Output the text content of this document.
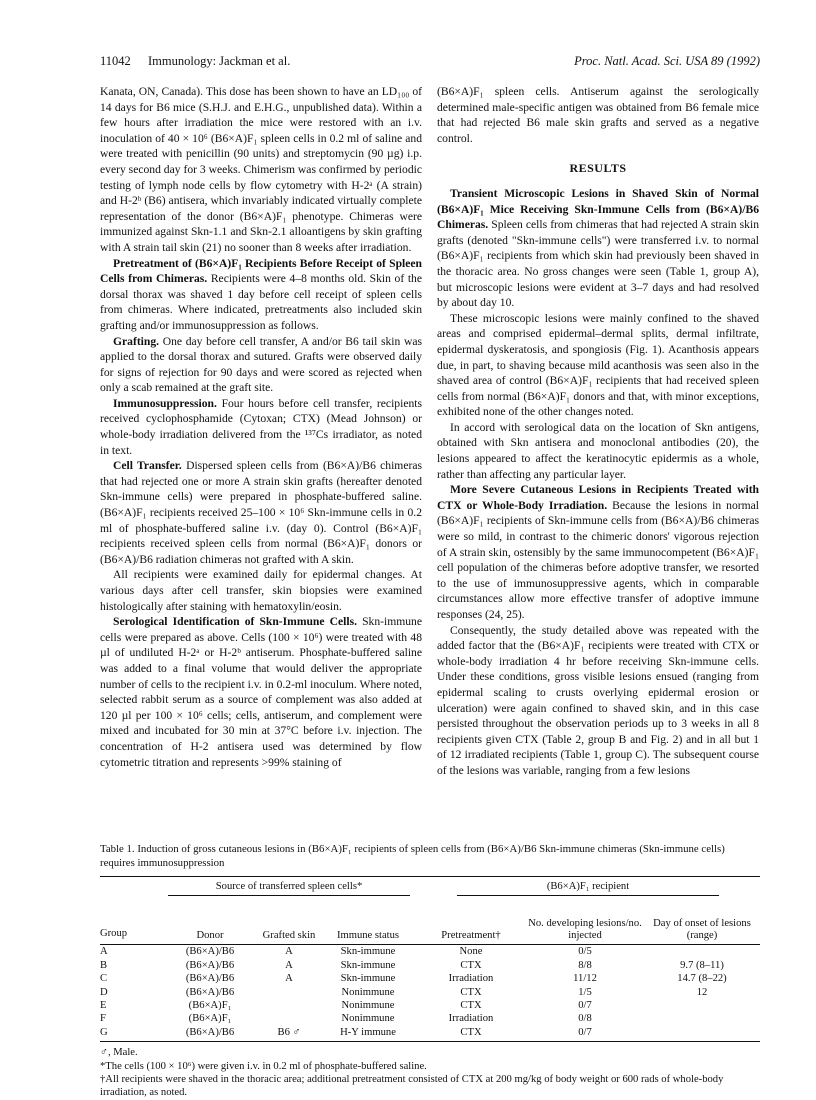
11042 Immunology: Jackman et al.	Proc. Natl. Acad. Sci. USA 89 (1992)

Kanata, ON, Canada). This dose has been shown to have an LD₁₀₀ of 14 days for B6 mice (S.H.J. and E.H.G., unpublished data). Within a few hours after irradiation the mice were restored with an i.v. inoculation of 40 × 10⁶ (B6×A)F₁ spleen cells in 0.2 ml of saline and were treated with penicillin (90 units) and streptomycin (90 µg) i.p. every second day for 3 weeks. Chimerism was confirmed by periodic testing of lymph node cells by flow cytometry with H-2ᵃ (A strain) and H-2ᵇ (B6) antisera, which invariably indicated virtually complete representation of the donor (B6×A)F₁ phenotype. Chimeras were immunized against Skn-1.1 and Skn-2.1 alloantigens by skin grafting with A strain tail skin (21) no sooner than 8 weeks after irradiation.

Pretreatment of (B6×A)F₁ Recipients Before Receipt of Spleen Cells from Chimeras. Recipients were 4–8 months old. Skin of the dorsal thorax was shaved 1 day before cell receipt of spleen cells from chimeras. Where indicated, pretreatments also included skin grafting and/or immunosuppression as follows.

Grafting. One day before cell transfer, A and/or B6 tail skin was applied to the dorsal thorax and sutured. Grafts were observed daily for signs of rejection for 90 days and were scored as rejected when only a scab remained at the graft site.

Immunosuppression. Four hours before cell transfer, recipients received cyclophosphamide (Cytoxan; CTX) (Mead Johnson) or whole-body irradiation delivered from the ¹³⁷Cs irradiator, as noted in text.

Cell Transfer. Dispersed spleen cells from (B6×A)/B6 chimeras that had rejected one or more A strain skin grafts (hereafter denoted Skn-immune cells) were prepared in phosphate-buffered saline. (B6×A)F₁ recipients received 25–100 × 10⁶ Skn-immune cells in 0.2 ml of phosphate-buffered saline i.v. (day 0). Control (B6×A)F₁ recipients received spleen cells from normal (B6×A)F₁ donors or (B6×A)/B6 radiation chimeras not grafted with A skin.

All recipients were examined daily for epidermal changes. At various days after cell transfer, skin biopsies were examined histologically after staining with hematoxylin/eosin.

Serological Identification of Skn-Immune Cells. Skn-immune cells were prepared as above. Cells (100 × 10⁶) were treated with 48 µl of undiluted H-2ᵃ or H-2ᵇ antiserum. Phosphate-buffered saline was added to a final volume that would deliver the appropriate number of cells to the recipient i.v. in 0.2-ml inoculum. Where noted, selected rabbit serum as a source of complement was also added at 120 µl per 100 × 10⁶ cells; cells, antiserum, and complement were mixed and incubated for 30 min at 37°C before i.v. injection. The concentration of H-2 antisera used was determined by flow cytometric titration and represents >99% staining of

(B6×A)F₁ spleen cells. Antiserum against the serologically determined male-specific antigen was obtained from B6 female mice that had rejected B6 male skin grafts and served as a negative control.

RESULTS

Transient Microscopic Lesions in Shaved Skin of Normal (B6×A)F₁ Mice Receiving Skn-Immune Cells from (B6×A)/B6 Chimeras. Spleen cells from chimeras that had rejected A strain skin grafts (denoted "Skn-immune cells") were transferred i.v. to normal (B6×A)F₁ recipients from which skin had previously been shaved in the thoracic area. No gross changes were seen (Table 1, group A), but microscopic lesions were evident at 3–7 days and had resolved by about day 10.

These microscopic lesions were mainly confined to the shaved areas and comprised epidermal–dermal splits, dermal infiltrate, epidermal dyskeratosis, and spongiosis (Fig. 1). Acanthosis appears due, in part, to shaving because mild acanthosis was seen also in the shaved area of control (B6×A)F₁ recipients that had received spleen cells from normal (B6×A)F₁ donors and that, with minor exceptions, exhibited none of the other changes noted.

In accord with serological data on the location of Skn antigens, obtained with Skn antisera and monoclonal antibodies (20), the lesions appeared to affect the keratinocytic epidermis as a whole, rather than affecting any particular layer.

More Severe Cutaneous Lesions in Recipients Treated with CTX or Whole-Body Irradiation. Because the lesions in normal (B6×A)F₁ recipients of Skn-immune cells from (B6×A)/B6 chimeras were so mild, in contrast to the chimeric donors' vigorous rejection of A strain skin, ostensibly by the same immunocompetent (B6×A)F₁ cell population of the chimeras before adoptive transfer, we resorted to the use of immunosuppressive agents, which in comparable circumstances allow more effective transfer of adoptive immune responses (24, 25).

Consequently, the study detailed above was repeated with the added factor that the (B6×A)F₁ recipients were treated with CTX or whole-body irradiation 4 hr before receiving Skn-immune cells. Under these conditions, gross visible lesions ensued (ranging from epidermal scaling to crusts overlying epidermal erosion or ulceration) were again confined to shaved skin, and in this case persisted throughout the observation periods up to 3 weeks in all 8 recipients given CTX (Table 2, group B and Fig. 2) and in all but 1 of 12 irradiated recipients (Table 1, group C). The subsequent course of the lesions was variable, ranging from a few lesions

Table 1. Induction of gross cutaneous lesions in (B6×A)F₁ recipients of spleen cells from (B6×A)/B6 Skn-immune chimeras (Skn-immune cells) requires immunosuppression

	Source of transferred spleen cells*			(B6×A)F₁ recipient		
Group	Donor	Grafted skin	Immune status	Pretreatment†	No. developing lesions/no. injected	Day of onset of lesions (range)

A	(B6×A)/B6	A	Skn-immune	None	0/5	
B	(B6×A)/B6	A	Skn-immune	CTX	8/8	9.7 (8–11)
C	(B6×A)/B6	A	Skn-immune	Irradiation	11/12	14.7 (8–22)
D	(B6×A)/B6		Nonimmune	CTX	1/5	12
E	(B6×A)F₁		Nonimmune	CTX	0/7	
F	(B6×A)F₁		Nonimmune	Irradiation	0/8	
G	(B6×A)/B6	B6 ♂	H-Y immune	CTX	0/7	

♂, Male.

*The cells (100 × 10⁶) were given i.v. in 0.2 ml of phosphate-buffered saline.

†All recipients were shaved in the thoracic area; additional pretreatment consisted of CTX at 200 mg/kg of body weight or 600 rads of whole-body irradiation, as noted.
